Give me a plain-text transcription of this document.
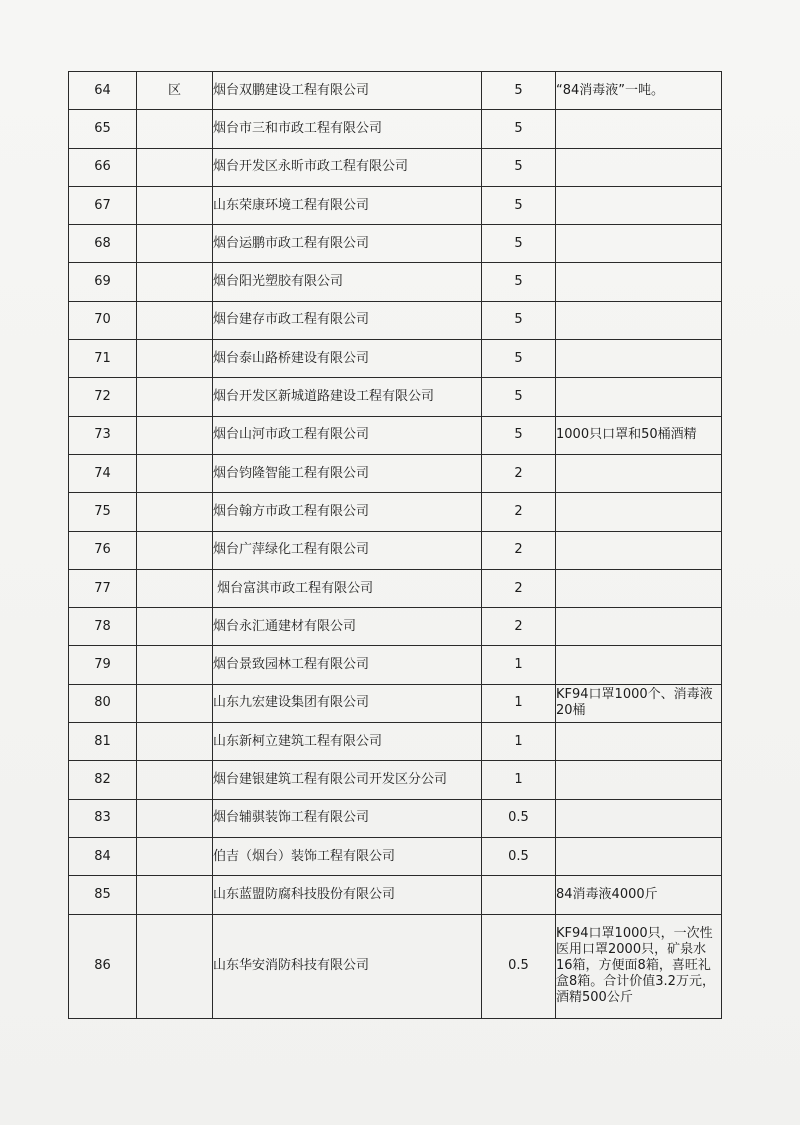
64	区	烟台双鹏建设工程有限公司	5	“84消毒液”一吨。
65		烟台市三和市政工程有限公司	5	
66		烟台开发区永昕市政工程有限公司	5	
67		山东荣康环境工程有限公司	5	
68		烟台运鹏市政工程有限公司	5	
69		烟台阳光塑胶有限公司	5	
70		烟台建存市政工程有限公司	5	
71		烟台泰山路桥建设有限公司	5	
72		烟台开发区新城道路建设工程有限公司	5	
73		烟台山河市政工程有限公司	5	1000只口罩和50桶酒精
74		烟台钧隆智能工程有限公司	2	
75		烟台翰方市政工程有限公司	2	
76		烟台广萍绿化工程有限公司	2	
77		烟台富淇市政工程有限公司	2	
78		烟台永汇通建材有限公司	2	
79		烟台景致园林工程有限公司	1	
80		山东九宏建设集团有限公司	1	KF94口罩1000个、消毒液20桶
81		山东新柯立建筑工程有限公司	1	
82		烟台建银建筑工程有限公司开发区分公司	1	
83		烟台辅骐装饰工程有限公司	0.5	
84		伯吉（烟台）装饰工程有限公司	0.5	
85		山东蓝盟防腐科技股份有限公司		84消毒液4000斤
86		山东华安消防科技有限公司	0.5	KF94口罩1000只，一次性医用口罩2000只，矿泉水16箱，方便面8箱，喜旺礼盒8箱。合计价值3.2万元，酒精500公斤
